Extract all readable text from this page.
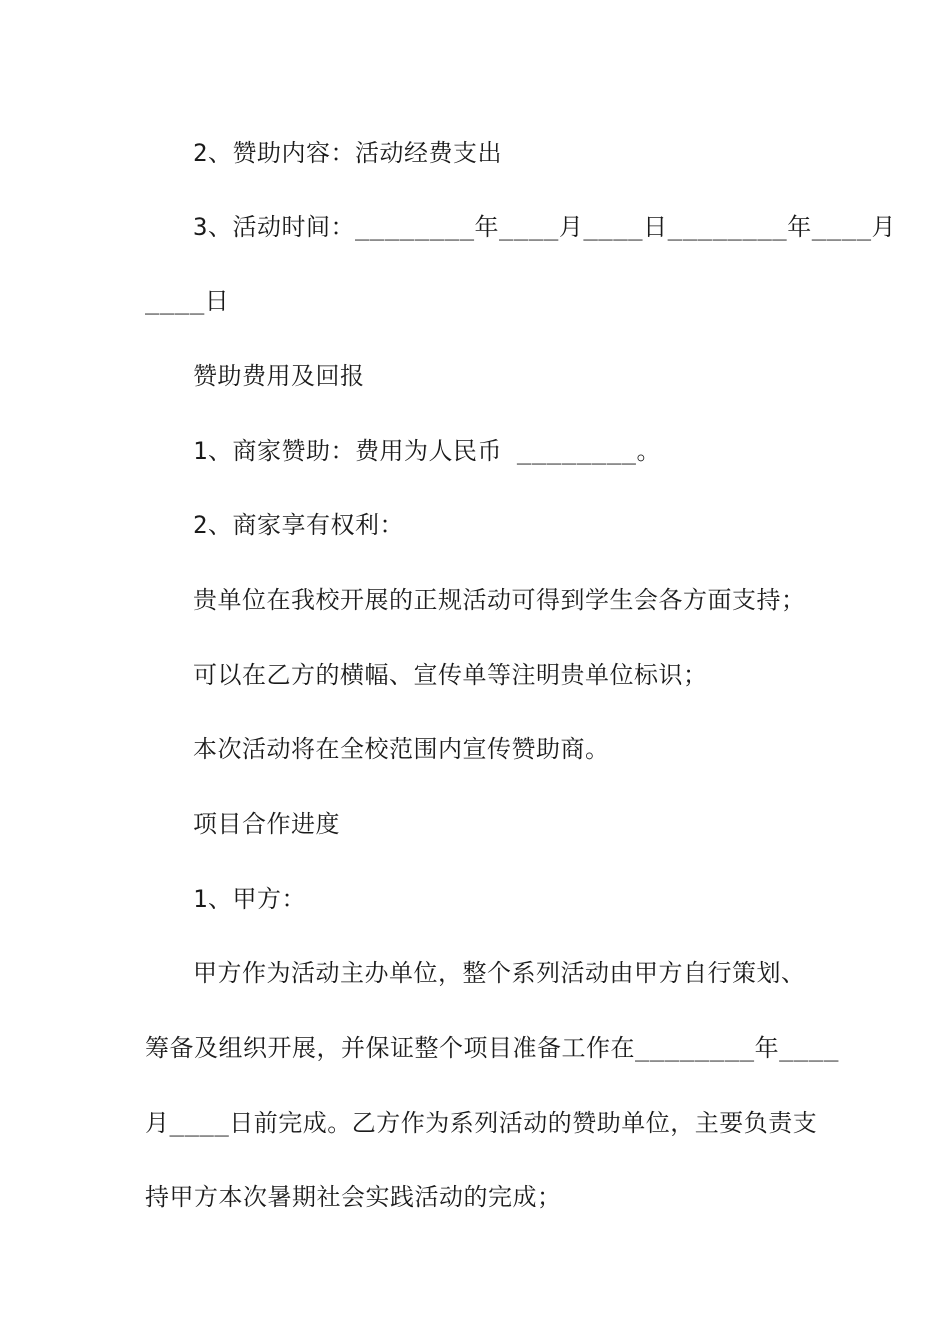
2、赞助内容：活动经费支出
3、活动时间：________年____月____日________年____月
____日
赞助费用及回报
1、商家赞助：费用为人民币 ________。
2、商家享有权利：
贵单位在我校开展的正规活动可得到学生会各方面支持；
可以在乙方的横幅、宣传单等注明贵单位标识；
本次活动将在全校范围内宣传赞助商。
项目合作进度
1、甲方：
甲方作为活动主办单位，整个系列活动由甲方自行策划、
筹备及组织开展，并保证整个项目准备工作在________年____
月____日前完成。乙方作为系列活动的赞助单位，主要负责支
持甲方本次暑期社会实践活动的完成；
